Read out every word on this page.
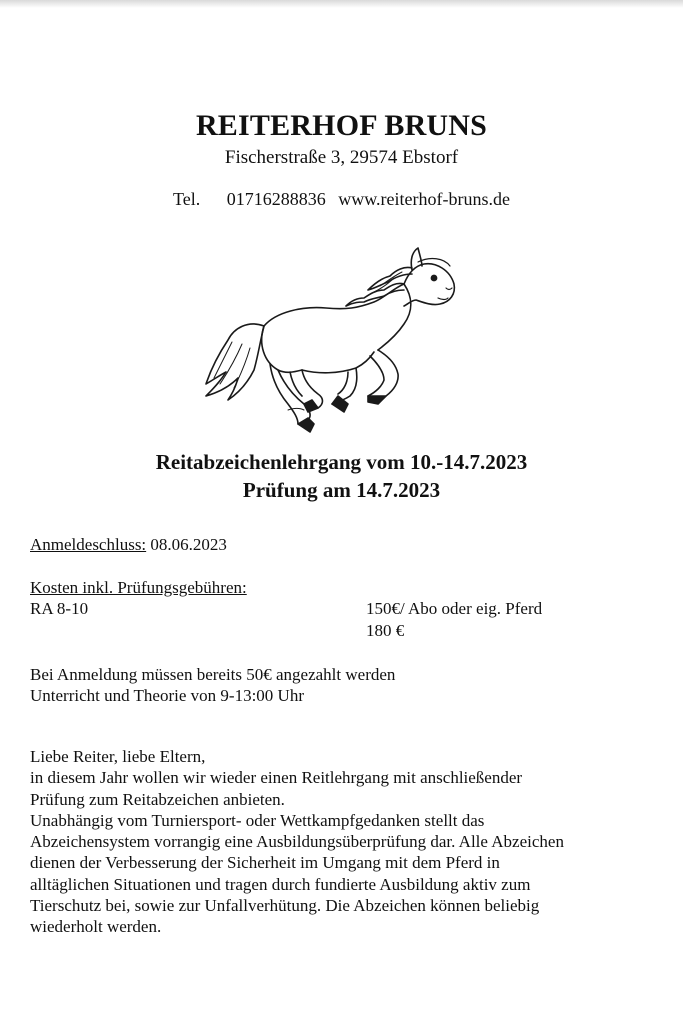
REITERHOF BRUNS
Fischerstraße 3, 29574 Ebstorf
Tel. 01716288836 www.reiterhof-bruns.de
Reitabzeichenlehrgang vom 10.-14.7.2023
Prüfung am 14.7.2023
Anmeldeschluss: 08.06.2023
Kosten inkl. Prüfungsgebühren:
RA 8-10	150€/ Abo oder eig. Pferd
180 €
Bei Anmeldung müssen bereits 50€ angezahlt werden
Unterricht und Theorie von 9-13:00 Uhr
Liebe Reiter, liebe Eltern,
in diesem Jahr wollen wir wieder einen Reitlehrgang mit anschließender
Prüfung zum Reitabzeichen anbieten.
Unabhängig vom Turniersport- oder Wettkampfgedanken stellt das
Abzeichensystem vorrangig eine Ausbildungsüberprüfung dar. Alle Abzeichen
dienen der Verbesserung der Sicherheit im Umgang mit dem Pferd in
alltäglichen Situationen und tragen durch fundierte Ausbildung aktiv zum
Tierschutz bei, sowie zur Unfallverhütung. Die Abzeichen können beliebig
wiederholt werden.
